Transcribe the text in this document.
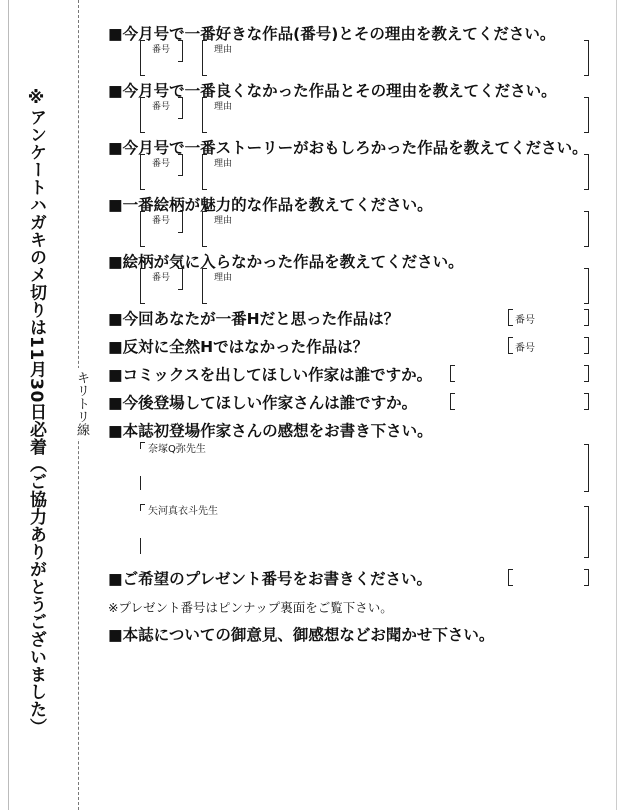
※アンケートハガキのメ切りは11月30日必着（ご協力ありがとうございました） キリトリ線
■今月号で一番好きな作品(番号)とその理由を教えてください。
番号	理由
■今月号で一番良くなかった作品とその理由を教えてください。
番号	理由
■今月号で一番ストーリーがおもしろかった作品を教えてください。
番号	理由
■一番絵柄が魅力的な作品を教えてください。
番号	理由
■絵柄が気に入らなかった作品を教えてください。
番号	理由
■今回あなたが一番Hだと思った作品は？	番号
■反対に全然Hではなかった作品は？	番号
■コミックスを出してほしい作家は誰ですか。
■今後登場してほしい作家さんは誰ですか。
■本誌初登場作家さんの感想をお書き下さい。
奈塚Q弥先生
矢河真衣斗先生
■ご希望のプレゼント番号をお書きください。
※プレゼント番号はピンナップ裏面をご覧下さい。
■本誌についての御意見、御感想などお聞かせ下さい。
